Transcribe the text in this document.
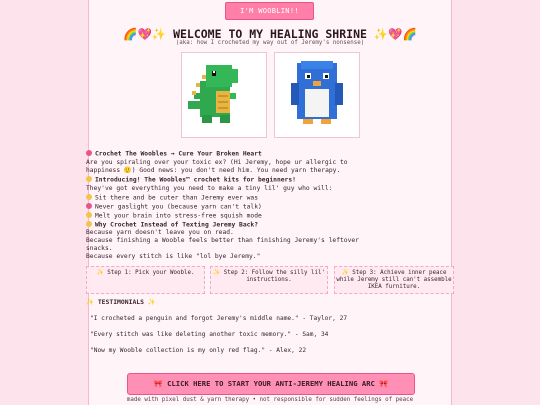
I'M WOOBLIN!!
🌈💖✨ WELCOME TO MY HEALING SHRINE ✨💖🌈
(aka: how I crocheted my way out of Jeremy's nonsense)
Crochet The Woobles → Cure Your Broken Heart
Are you spiraling over your toxic ex? (Hi Jeremy, hope ur allergic to
happiness 🙂) Good news: you don't need him. You need yarn therapy.
Introducing! The Woobles™ crochet kits for beginners!
They've got everything you need to make a tiny lil' guy who will:
Sit there and be cuter than Jeremy ever was
Never gaslight you (because yarn can't talk)
Melt your brain into stress-free squish mode
Why Crochet Instead of Texting Jeremy Back?
Because yarn doesn't leave you on read.
Because finishing a Wooble feels better than finishing Jeremy's leftover
snacks.
Because every stitch is like "lol bye Jeremy."
✨ Step 1: Pick your Wooble.	✨ Step 2: Follow the silly lil' instructions.
✨ Step 3: Achieve inner peace while Jeremy still can't assemble IKEA furniture.
✨ TESTIMONIALS ✨
"I crocheted a penguin and forgot Jeremy's middle name." - Taylor, 27
"Every stitch was like deleting another toxic memory." - Sam, 34
"Now my Wooble collection is my only red flag." - Alex, 22
🎀 CLICK HERE TO START YOUR ANTI-JEREMY HEALING ARC 🎀
made with pixel dust & yarn therapy • not responsible for sudden feelings of peace
